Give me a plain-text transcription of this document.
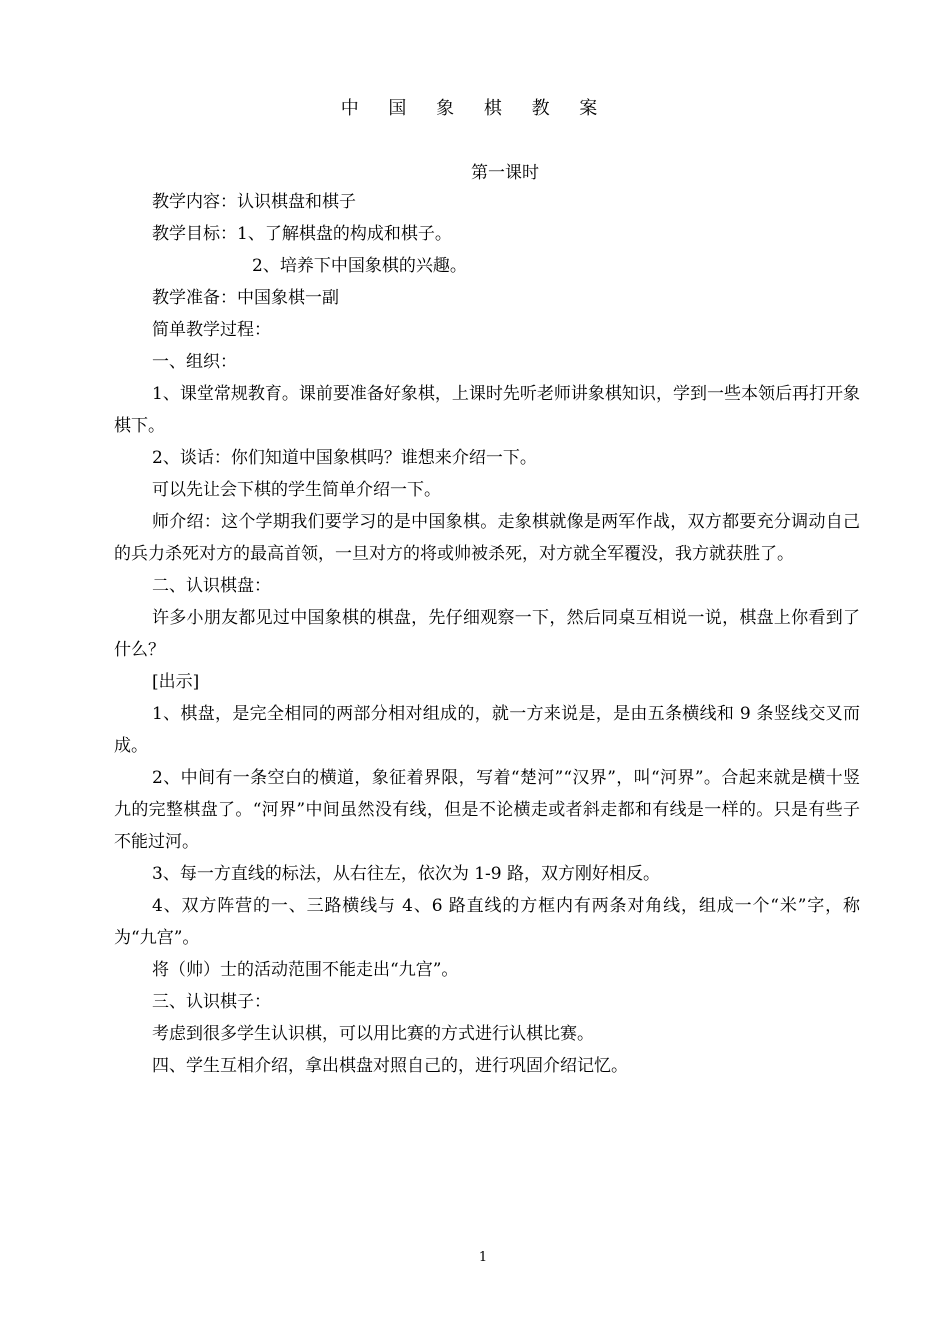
中 国 象 棋 教 案
第一课时

教学内容：认识棋盘和棋子

教学目标：1、了解棋盘的构成和棋子。

2、培养下中国象棋的兴趣。

教学准备：中国象棋一副

简单教学过程：

一、组织：

1、课堂常规教育。课前要准备好象棋，上课时先听老师讲象棋知识，学到一些本领后再打开象棋下。

2、谈话：你们知道中国象棋吗？谁想来介绍一下。

可以先让会下棋的学生简单介绍一下。

师介绍：这个学期我们要学习的是中国象棋。走象棋就像是两军作战，双方都要充分调动自己的兵力杀死对方的最高首领，一旦对方的将或帅被杀死，对方就全军覆没，我方就获胜了。

二、认识棋盘：

许多小朋友都见过中国象棋的棋盘，先仔细观察一下，然后同桌互相说一说，棋盘上你看到了什么？

[出示]

1、棋盘，是完全相同的两部分相对组成的，就一方来说是，是由五条横线和 9 条竖线交叉而成。

2、中间有一条空白的横道，象征着界限，写着“楚河”“汉界”，叫“河界”。合起来就是横十竖九的完整棋盘了。“河界”中间虽然没有线，但是不论横走或者斜走都和有线是一样的。只是有些子不能过河。

3、每一方直线的标法，从右往左，依次为 1-9 路，双方刚好相反。

4、双方阵营的一、三路横线与 4、6 路直线的方框内有两条对角线，组成一个“米”字，称为“九宫”。

将（帅）士的活动范围不能走出“九宫”。

三、认识棋子：

考虑到很多学生认识棋，可以用比赛的方式进行认棋比赛。

四、学生互相介绍，拿出棋盘对照自己的，进行巩固介绍记忆。

1
